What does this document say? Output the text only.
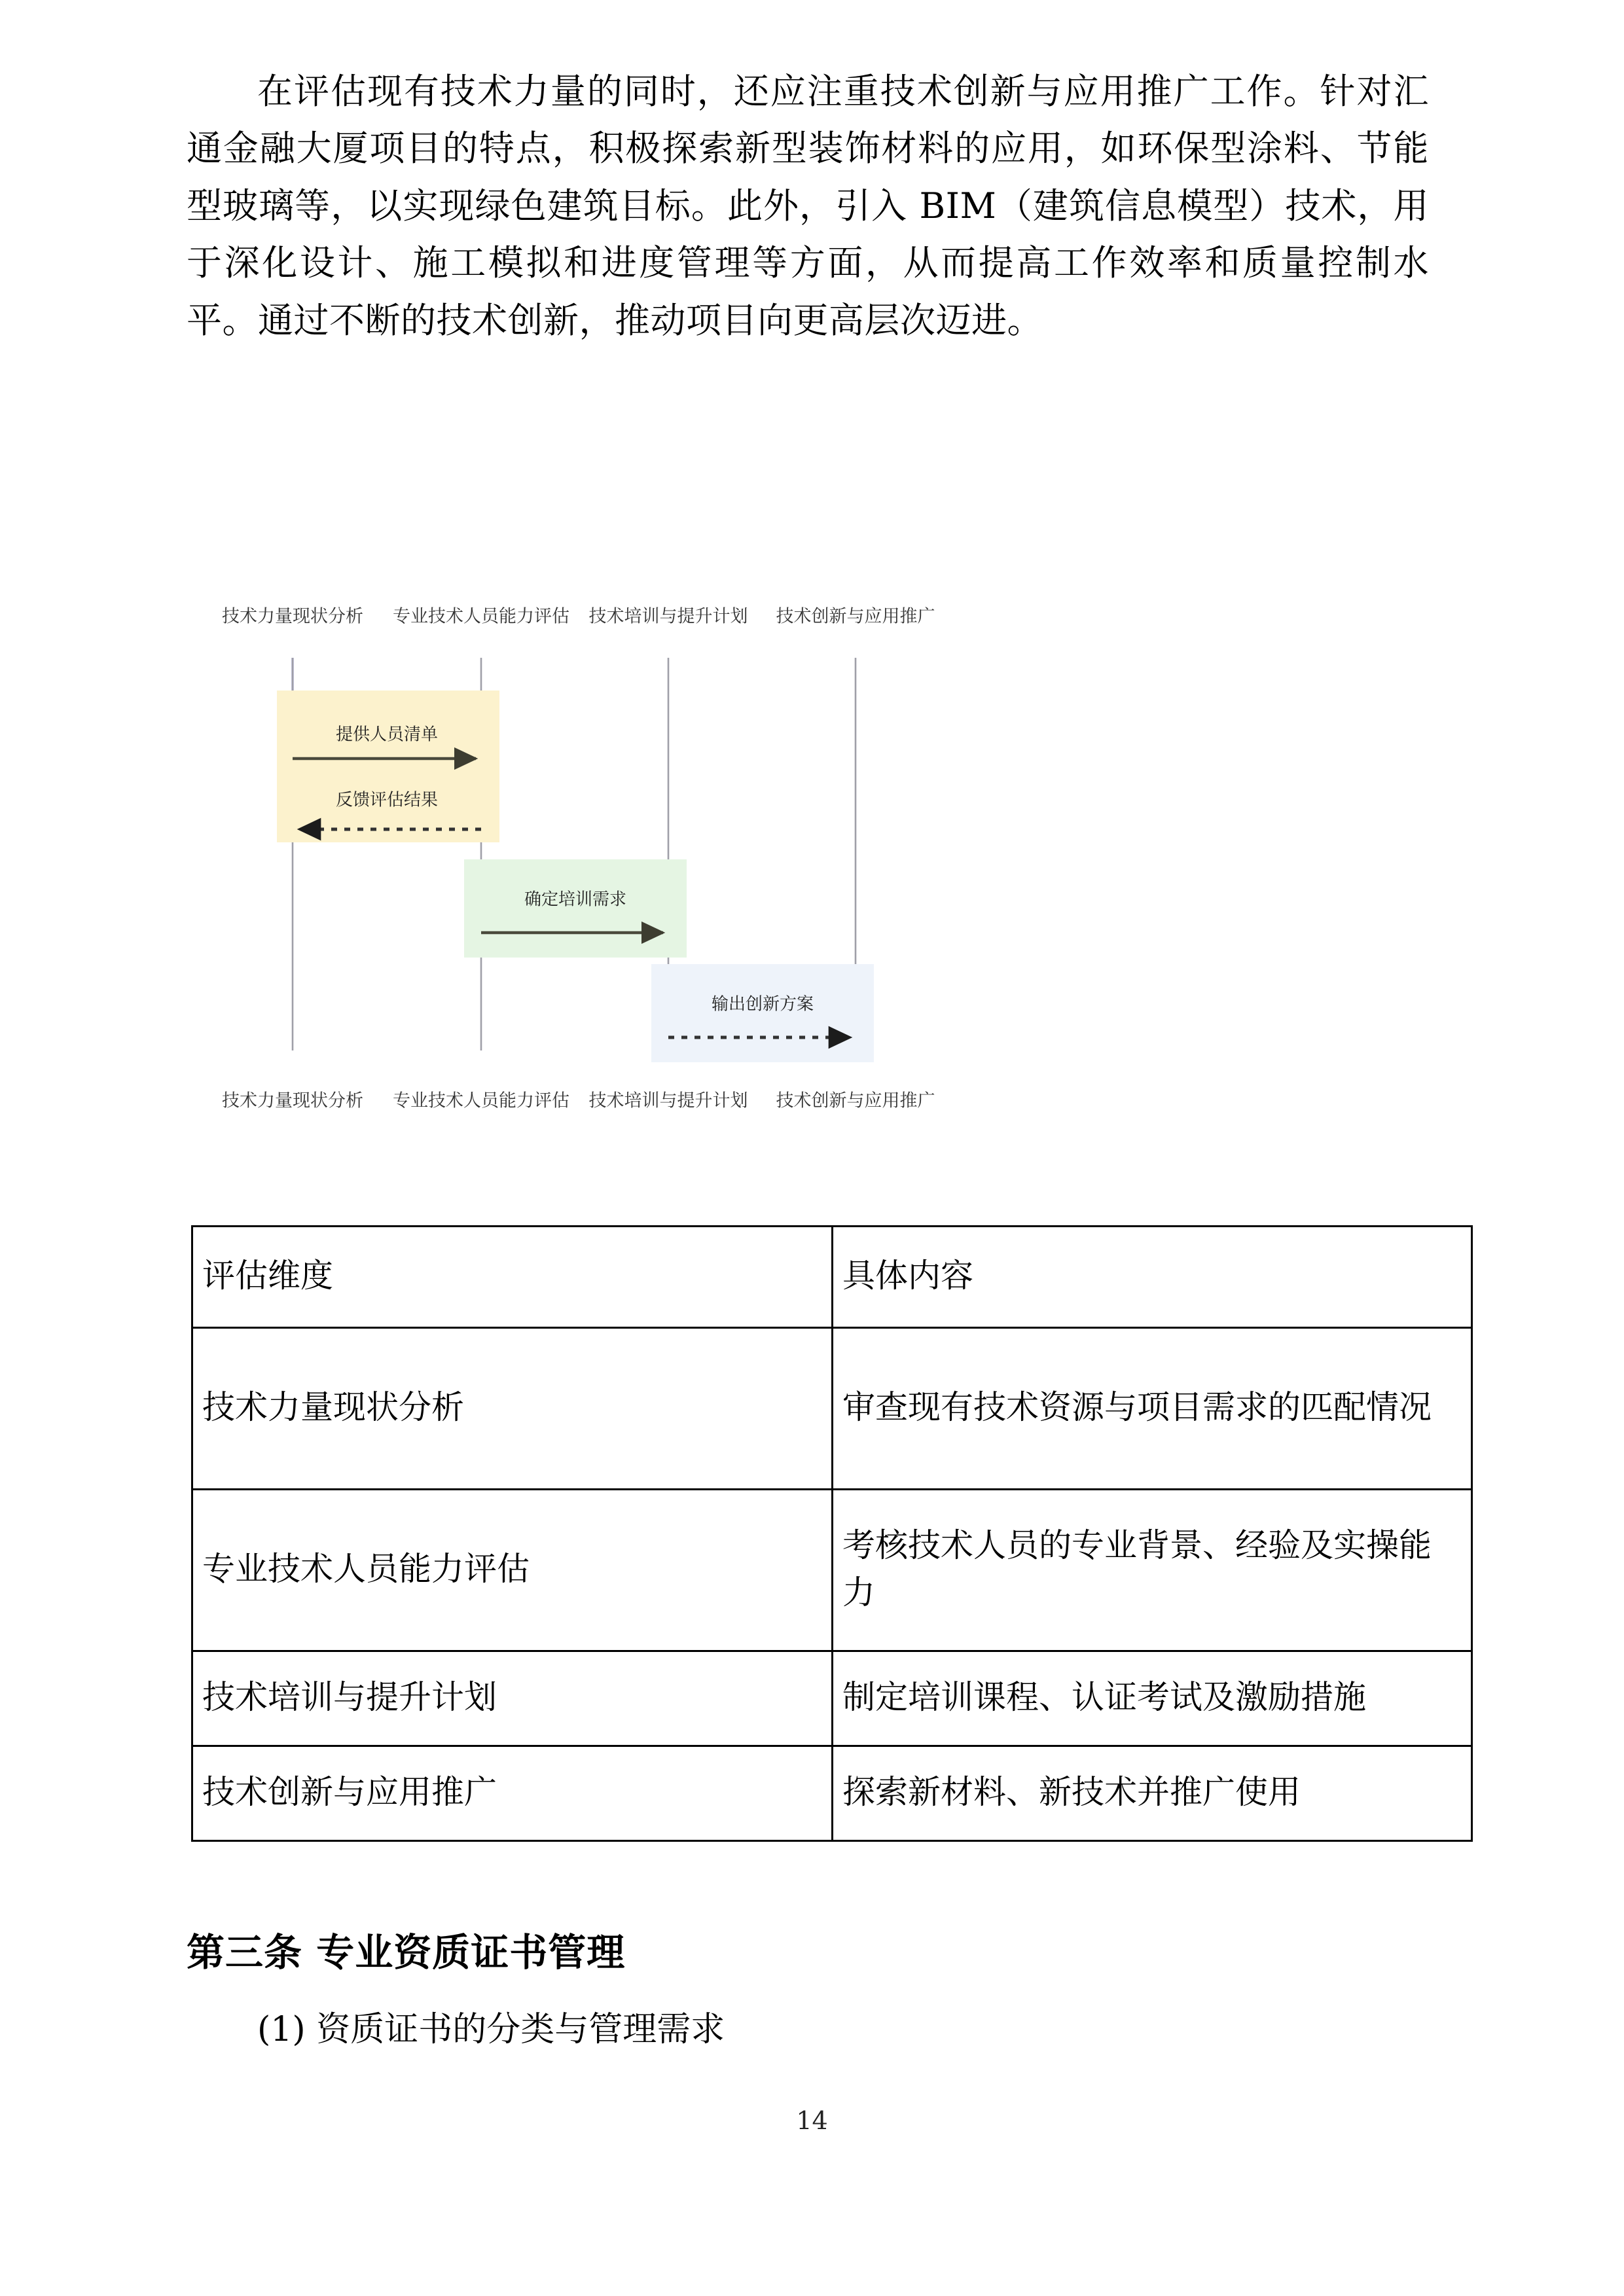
在评估现有技术力量的同时，还应注重技术创新与应用推广工作。针对汇通金融大厦项目的特点，积极探索新型装饰材料的应用，如环保型涂料、节能型玻璃等，以实现绿色建筑目标。此外，引入 BIM（建筑信息模型）技术，用于深化设计、施工模拟和进度管理等方面，从而提高工作效率和质量控制水平。通过不断的技术创新，推动项目向更高层次迈进。

技术力量现状分析 专业技术人员能力评估 技术培训与提升计划 技术创新与应用推广
提供人员清单
反馈评估结果
确定培训需求
输出创新方案
技术力量现状分析 专业技术人员能力评估 技术培训与提升计划 技术创新与应用推广
评估维度	具体内容
技术力量现状分析	审查现有技术资源与项目需求的匹配情况
专业技术人员能力评估	考核技术人员的专业背景、经验及实操能力
技术培训与提升计划	制定培训课程、认证考试及激励措施
技术创新与应用推广	探索新材料、新技术并推广使用
第三条 专业资质证书管理
(1) 资质证书的分类与管理需求
14
